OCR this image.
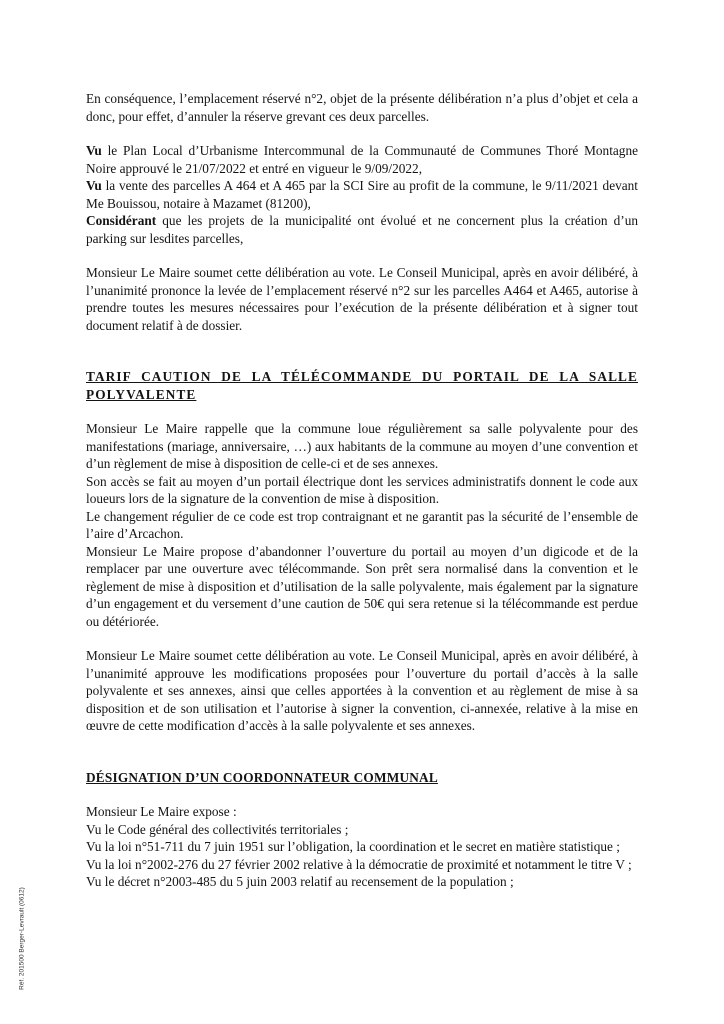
En conséquence, l’emplacement réservé n°2, objet de la présente délibération n’a plus d’objet et cela a donc, pour effet, d’annuler la réserve grevant ces deux parcelles.

Vu le Plan Local d’Urbanisme Intercommunal de la Communauté de Communes Thoré Montagne Noire approuvé le 21/07/2022 et entré en vigueur le 9/09/2022,

Vu la vente des parcelles A 464 et A 465 par la SCI Sire au profit de la commune, le 9/11/2021 devant Me Bouissou, notaire à Mazamet (81200),

Considérant que les projets de la municipalité ont évolué et ne concernent plus la création d’un parking sur lesdites parcelles,

Monsieur Le Maire soumet cette délibération au vote. Le Conseil Municipal, après en avoir délibéré, à l’unanimité prononce la levée de l’emplacement réservé n°2 sur les parcelles A464 et A465, autorise à prendre toutes les mesures nécessaires pour l’exécution de la présente délibération et à signer tout document relatif à de dossier.

TARIF CAUTION DE LA TÉLÉCOMMANDE DU PORTAIL DE LA SALLE POLYVALENTE

Monsieur Le Maire rappelle que la commune loue régulièrement sa salle polyvalente pour des manifestations (mariage, anniversaire, …) aux habitants de la commune au moyen d’une convention et d’un règlement de mise à disposition de celle-ci et de ses annexes.

Son accès se fait au moyen d’un portail électrique dont les services administratifs donnent le code aux loueurs lors de la signature de la convention de mise à disposition.

Le changement régulier de ce code est trop contraignant et ne garantit pas la sécurité de l’ensemble de l’aire d’Arcachon.

Monsieur Le Maire propose d’abandonner l’ouverture du portail au moyen d’un digicode et de la remplacer par une ouverture avec télécommande. Son prêt sera normalisé dans la convention et le règlement de mise à disposition et d’utilisation de la salle polyvalente, mais également par la signature d’un engagement et du versement d’une caution de 50€ qui sera retenue si la télécommande est perdue ou détériorée.

Monsieur Le Maire soumet cette délibération au vote. Le Conseil Municipal, après en avoir délibéré, à l’unanimité approuve les modifications proposées pour l’ouverture du portail d’accès à la salle polyvalente et ses annexes, ainsi que celles apportées à la convention et au règlement de mise à sa disposition et de son utilisation et l’autorise à signer la convention, ci-annexée, relative à la mise en œuvre de cette modification d’accès à la salle polyvalente et ses annexes.

DÉSIGNATION D’UN COORDONNATEUR COMMUNAL

Monsieur Le Maire expose :

Vu le Code général des collectivités territoriales ;

Vu la loi n°51-711 du 7 juin 1951 sur l’obligation, la coordination et le secret en matière statistique ;

Vu la loi n°2002-276 du 27 février 2002 relative à la démocratie de proximité et notamment le titre V ;

Vu le décret n°2003-485 du 5 juin 2003 relatif au recensement de la population ;

Réf. 201500 Berger-Levrault (0612)
